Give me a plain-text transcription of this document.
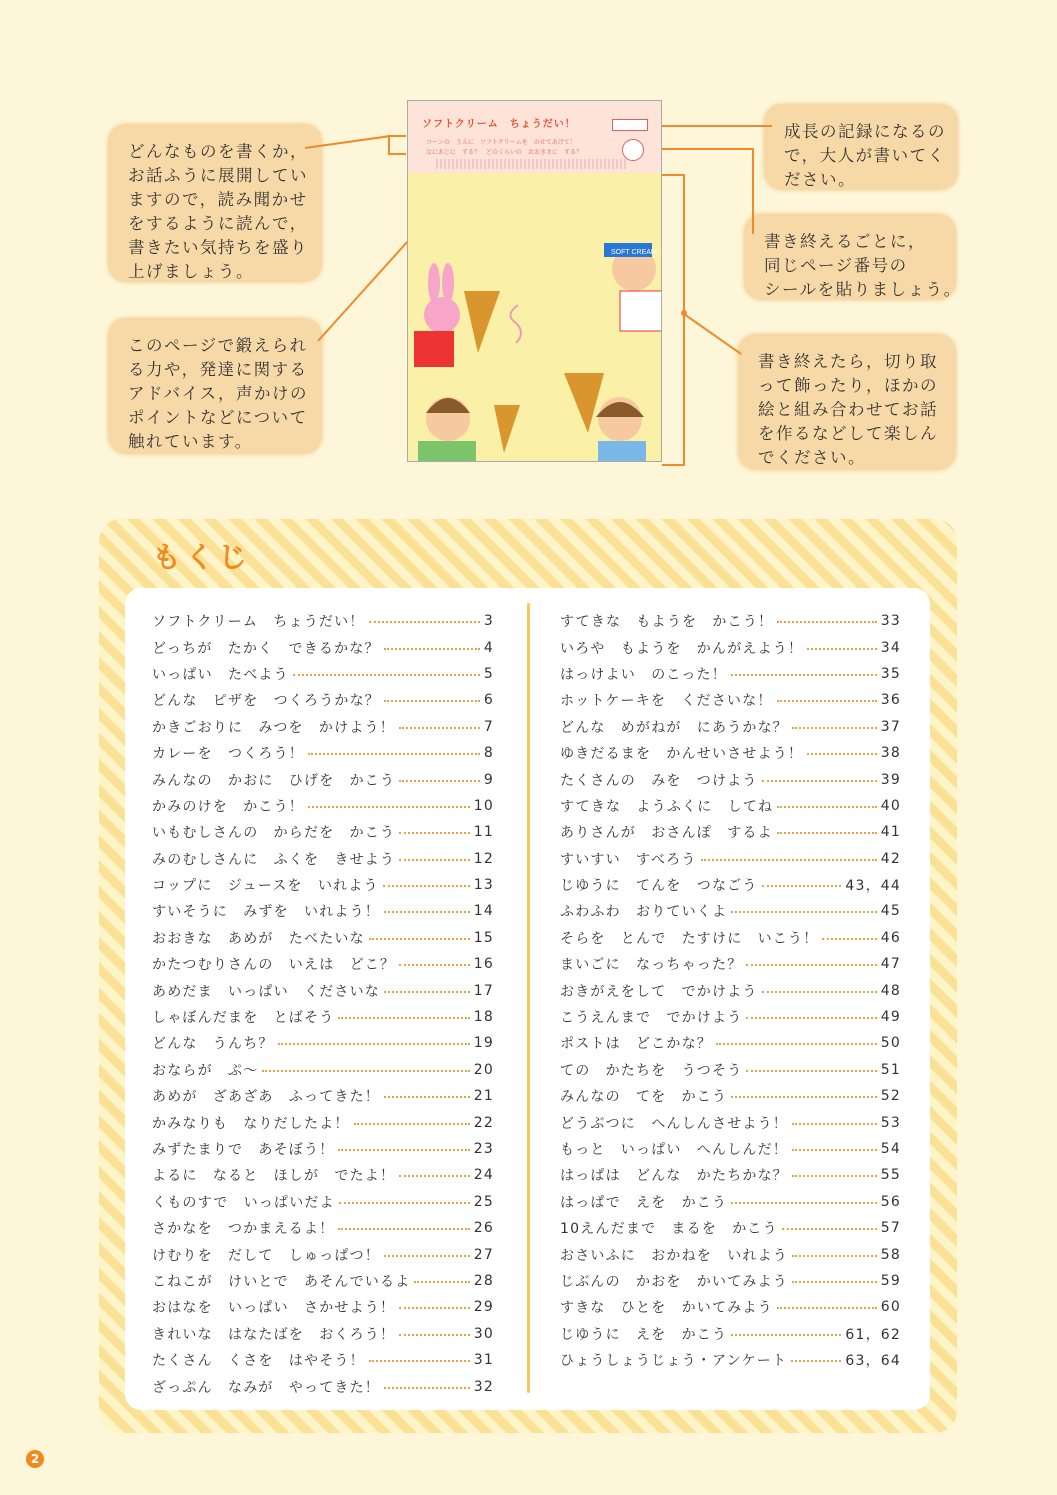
どんなものを書くか，
お話ふうに展開してい
ますので，読み聞かせ
をするように読んで，
書きたい気持ちを盛り
上げましょう。
このページで鍛えられ
る力や，発達に関する
アドバイス，声かけの
ポイントなどについて
触れています。
成長の記録になるの
で，大人が書いてく
ださい。
書き終えるごとに，
同じページ番号の
シールを貼りましょう。
書き終えたら，切り取
って飾ったり，ほかの
絵と組み合わせてお話
を作るなどして楽しん
でください。
ソフトクリーム　ちょうだい！
コーンの　うえに　ソフトクリームを　のせてあげて！
なにあじに　する？　どのくらいの　おおきさに　する？
SOFT CREAM
もくじ
ソフトクリーム　ちょうだい！	3
どっちが　たかく　できるかな？	4
いっぱい　たべよう	5
どんな　ピザを　つくろうかな？	6
かきごおりに　みつを　かけよう！	7
カレーを　つくろう！	8
みんなの　かおに　ひげを　かこう	9
かみのけを　かこう！	10
いもむしさんの　からだを　かこう	11
みのむしさんに　ふくを　きせよう	12
コップに　ジュースを　いれよう	13
すいそうに　みずを　いれよう！	14
おおきな　あめが　たべたいな	15
かたつむりさんの　いえは　どこ？	16
あめだま　いっぱい　くださいな	17
しゃぼんだまを　とばそう	18
どんな　うんち？	19
おならが　ぷ〜	20
あめが　ざあざあ　ふってきた！	21
かみなりも　なりだしたよ！	22
みずたまりで　あそぼう！	23
よるに　なると　ほしが　でたよ！	24
くものすで　いっぱいだよ	25
さかなを　つかまえるよ！	26
けむりを　だして　しゅっぱつ！	27
こねこが　けいとで　あそんでいるよ	28
おはなを　いっぱい　さかせよう！	29
きれいな　はなたばを　おくろう！	30
たくさん　くさを　はやそう！	31
ざっぷん　なみが　やってきた！	32
すてきな　もようを　かこう！	33
いろや　もようを　かんがえよう！	34
はっけよい　のこった！	35
ホットケーキを　くださいな！	36
どんな　めがねが　にあうかな？	37
ゆきだるまを　かんせいさせよう！	38
たくさんの　みを　つけよう	39
すてきな　ようふくに　してね	40
ありさんが　おさんぽ　するよ	41
すいすい　すべろう	42
じゆうに　てんを　つなごう	43，44
ふわふわ　おりていくよ	45
そらを　とんで　たすけに　いこう！	46
まいごに　なっちゃった？	47
おきがえをして　でかけよう	48
こうえんまで　でかけよう	49
ポストは　どこかな？	50
ての　かたちを　うつそう	51
みんなの　てを　かこう	52
どうぶつに　へんしんさせよう！	53
もっと　いっぱい　へんしんだ！	54
はっぱは　どんな　かたちかな？	55
はっぱで　えを　かこう	56
10えんだまで　まるを　かこう	57
おさいふに　おかねを　いれよう	58
じぶんの　かおを　かいてみよう	59
すきな　ひとを　かいてみよう	60
じゆうに　えを　かこう	61，62
ひょうしょうじょう・アンケート	63，64
2
